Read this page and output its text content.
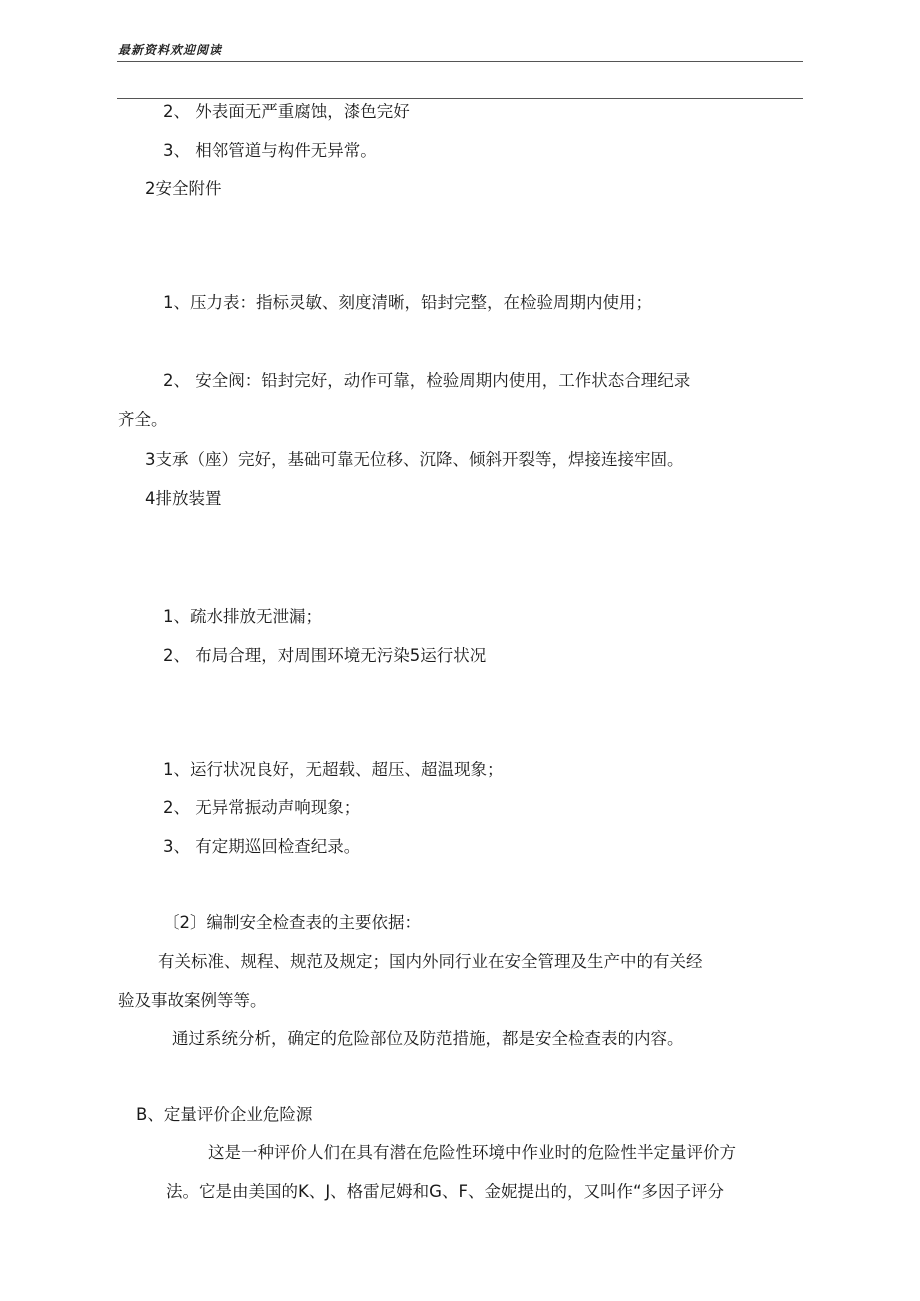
最新资料欢迎阅读
2、 外表面无严重腐蚀，漆色完好
3、 相邻管道与构件无异常。
2安全附件
1、压力表：指标灵敏、刻度清晰，铅封完整，在检验周期内使用；
2、 安全阀：铅封完好，动作可靠，检验周期内使用，工作状态合理纪录
齐全。
3支承（座）完好，基础可靠无位移、沉降、倾斜开裂等，焊接连接牢固。
4排放装置
1、疏水排放无泄漏；
2、 布局合理，对周围环境无污染5运行状况
1、运行状况良好，无超载、超压、超温现象；
2、 无异常振动声响现象；
3、 有定期巡回检查纪录。
〔2〕编制安全检查表的主要依据：
有关标准、规程、规范及规定；国内外同行业在安全管理及生产中的有关经
验及事故案例等等。
通过系统分析，确定的危险部位及防范措施，都是安全检查表的内容。
B、定量评价企业危险源
这是一种评价人们在具有潜在危险性环境中作业时的危险性半定量评价方
法。它是由美国的K、J、格雷尼姆和G、F、金妮提出的，又叫作“多因子评分
